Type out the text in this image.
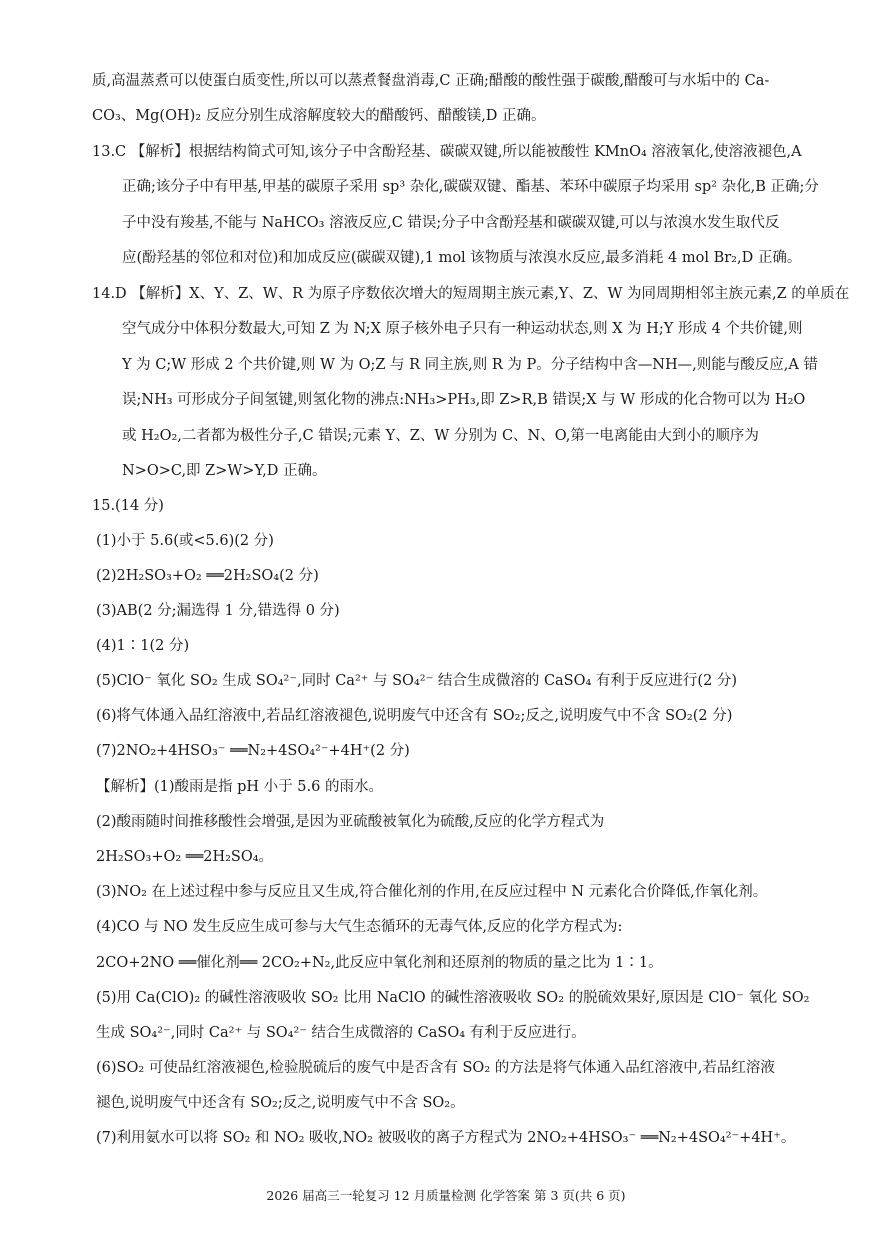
质,高温蒸煮可以使蛋白质变性,所以可以蒸煮餐盘消毒,C 正确;醋酸的酸性强于碳酸,醋酸可与水垢中的 Ca-
CO₃、Mg(OH)₂ 反应分别生成溶解度较大的醋酸钙、醋酸镁,D 正确。
13.C 【解析】根据结构简式可知,该分子中含酚羟基、碳碳双键,所以能被酸性 KMnO₄ 溶液氧化,使溶液褪色,A
正确;该分子中有甲基,甲基的碳原子采用 sp³ 杂化,碳碳双键、酯基、苯环中碳原子均采用 sp² 杂化,B 正确;分
子中没有羧基,不能与 NaHCO₃ 溶液反应,C 错误;分子中含酚羟基和碳碳双键,可以与浓溴水发生取代反
应(酚羟基的邻位和对位)和加成反应(碳碳双键),1 mol 该物质与浓溴水反应,最多消耗 4 mol Br₂,D 正确。
14.D 【解析】X、Y、Z、W、R 为原子序数依次增大的短周期主族元素,Y、Z、W 为同周期相邻主族元素,Z 的单质在
空气成分中体积分数最大,可知 Z 为 N;X 原子核外电子只有一种运动状态,则 X 为 H;Y 形成 4 个共价键,则
Y 为 C;W 形成 2 个共价键,则 W 为 O;Z 与 R 同主族,则 R 为 P。分子结构中含—NH—,则能与酸反应,A 错
误;NH₃ 可形成分子间氢键,则氢化物的沸点:NH₃>PH₃,即 Z>R,B 错误;X 与 W 形成的化合物可以为 H₂O
或 H₂O₂,二者都为极性分子,C 错误;元素 Y、Z、W 分别为 C、N、O,第一电离能由大到小的顺序为
N>O>C,即 Z>W>Y,D 正确。
15.(14 分)
(1)小于 5.6(或<5.6)(2 分)
(2)2H₂SO₃+O₂ ══2H₂SO₄(2 分)
(3)AB(2 分;漏选得 1 分,错选得 0 分)
(4)1∶1(2 分)
(5)ClO⁻ 氧化 SO₂ 生成 SO₄²⁻,同时 Ca²⁺ 与 SO₄²⁻ 结合生成微溶的 CaSO₄ 有利于反应进行(2 分)
(6)将气体通入品红溶液中,若品红溶液褪色,说明废气中还含有 SO₂;反之,说明废气中不含 SO₂(2 分)
(7)2NO₂+4HSO₃⁻ ══N₂+4SO₄²⁻+4H⁺(2 分)
【解析】(1)酸雨是指 pH 小于 5.6 的雨水。
(2)酸雨随时间推移酸性会增强,是因为亚硫酸被氧化为硫酸,反应的化学方程式为
2H₂SO₃+O₂ ══2H₂SO₄。
(3)NO₂ 在上述过程中参与反应且又生成,符合催化剂的作用,在反应过程中 N 元素化合价降低,作氧化剂。
(4)CO 与 NO 发生反应生成可参与大气生态循环的无毒气体,反应的化学方程式为:
2CO+2NO ══催化剂══ 2CO₂+N₂,此反应中氧化剂和还原剂的物质的量之比为 1∶1。
(5)用 Ca(ClO)₂ 的碱性溶液吸收 SO₂ 比用 NaClO 的碱性溶液吸收 SO₂ 的脱硫效果好,原因是 ClO⁻ 氧化 SO₂
生成 SO₄²⁻,同时 Ca²⁺ 与 SO₄²⁻ 结合生成微溶的 CaSO₄ 有利于反应进行。
(6)SO₂ 可使品红溶液褪色,检验脱硫后的废气中是否含有 SO₂ 的方法是将气体通入品红溶液中,若品红溶液
褪色,说明废气中还含有 SO₂;反之,说明废气中不含 SO₂。
(7)利用氨水可以将 SO₂ 和 NO₂ 吸收,NO₂ 被吸收的离子方程式为 2NO₂+4HSO₃⁻ ══N₂+4SO₄²⁻+4H⁺。
2026 届高三一轮复习 12 月质量检测 化学答案 第 3 页(共 6 页)
